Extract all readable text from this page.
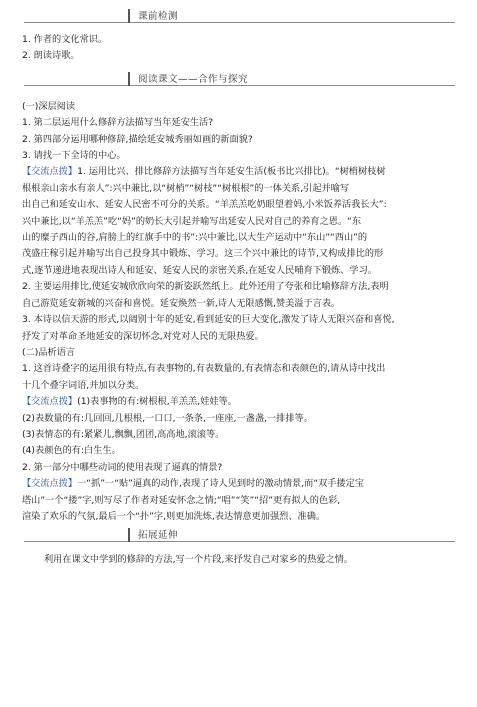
课前检测

1. 作者的文化常识。

2. 朗读诗歌。

阅读课文——合作与探究

(一)深层阅读

1. 第二层运用什么修辞方法描写当年延安生活?

2. 第四部分运用哪种修辞,描绘延安城秀丽如画的新面貌?

3. 请找一下全诗的中心。

【交流点拨】1. 运用比兴、排比修辞方法描写当年延安生活(板书比兴排比)。“树梢树枝树

根根亲山亲水有亲人”:兴中兼比,以“树梢”“树枝”“树根根”的一体关系,引起并喻写

出自己和延安山水、延安人民密不可分的关系。“羊羔羔吃奶眼望着妈,小米饭养活我长大”:

兴中兼比,以“羊羔羔”吃“妈”的奶长大引起并喻写出延安人民对自己的养育之恩。“东

山的糜子西山的谷,肩膀上的红旗手中的书”:兴中兼比,以大生产运动中“东山”“西山”的

茂盛庄稼引起并喻写出自己投身其中锻炼、学习。这三个兴中兼比的诗节,又构成排比的形

式,逐节递进地表现出诗人和延安、延安人民的亲密关系,在延安人民哺育下锻炼、学习。

2. 主要运用排比,使延安城欣欣向荣的新姿跃然纸上。此外还用了夸张和比喻修辞方法,表明

自己游览延安新城的兴奋和喜悦。延安焕然一新,诗人无限感慨,赞美溢于言表。

3. 本诗以信天游的形式,以阔别十年的延安,看到延安的巨大变化,激发了诗人无限兴奋和喜悦,

抒发了对革命圣地延安的深切怀念,对党对人民的无限热爱。

(二)品析语言

1. 这首诗叠字的运用很有特点,有表事物的,有表数量的,有表情态和表颜色的,请从诗中找出

十几个叠字词语,并加以分类。

【交流点拨】(1)表事物的有:树根根,羊羔羔,娃娃等。

(2)表数量的有:几回回,几根根,一口口,一条条,一座座,一盏盏,一排排等。

(3)表情态的有:紧紧儿,飘飘,团团,高高地,滚滚等。

(4)表颜色的有:白生生。

2. 第一部分中哪些动词的使用表现了逼真的情景?

【交流点拨】一“抓”一“贴”逼真的动作,表现了诗人见到时的激动情景,而“双手搂定宝

塔山”一个“搂”字,则写尽了作者对延安怀念之情;“唱”“笑”“招”更有拟人的色彩,

渲染了欢乐的气氛,最后一个“扑”字,则更加洗炼,表达情意更加强烈、准确。

拓展延伸

利用在课文中学到的修辞的方法,写一个片段,来抒发自己对家乡的热爱之情。
